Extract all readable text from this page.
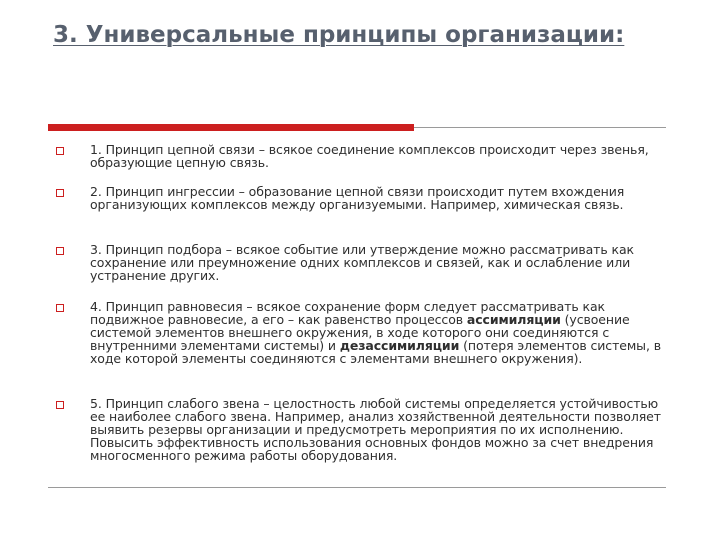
3. Универсальные принципы организации:

1. Принцип цепной связи – всякое соединение комплексов происходит через звенья, образующие цепную связь.

2. Принцип ингрессии – образование цепной связи происходит путем вхождения организующих комплексов между организуемыми. Например, химическая связь.

3. Принцип подбора – всякое событие или утверждение можно рассматривать как сохранение или преумножение одних комплексов и связей, как и ослабление или устранение других.

4. Принцип равновесия – всякое сохранение форм следует рассматривать как подвижное равновесие, а его – как равенство процессов ассимиляции (усвоение системой элементов внешнего окружения, в ходе которого они соединяются с внутренними элементами системы) и дезассимиляции (потеря элементов системы, в ходе которой элементы соединяются с элементами внешнего окружения).

5. Принцип слабого звена – целостность любой системы определяется устойчивостью ее наиболее слабого звена. Например, анализ хозяйственной деятельности позволяет выявить резервы организации и предусмотреть мероприятия по их исполнению. Повысить эффективность использования основных фондов можно за счет внедрения многосменного режима работы оборудования.
